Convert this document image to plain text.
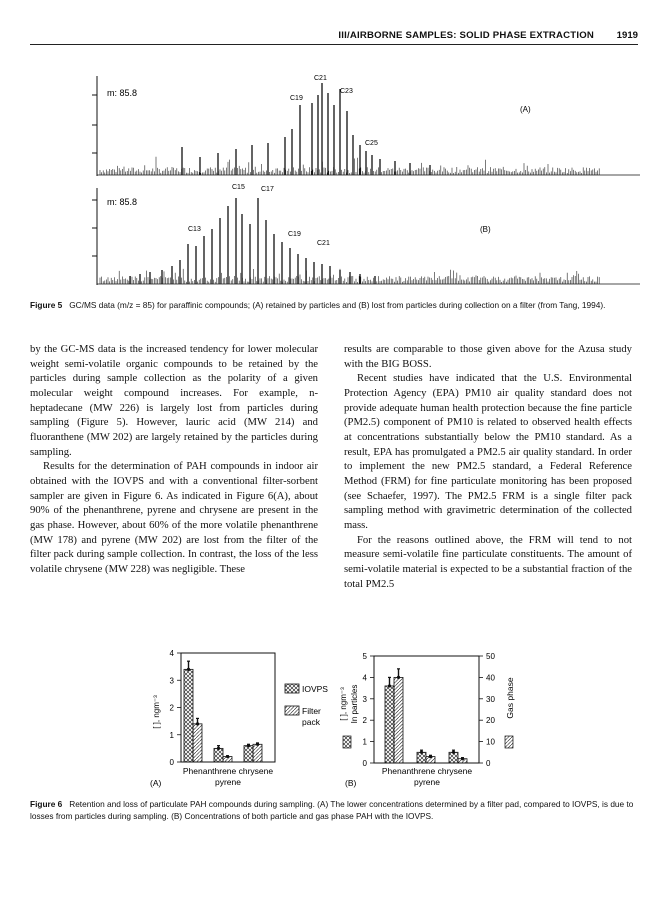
III/AIRBORNE SAMPLES: SOLID PHASE EXTRACTION 1919
m: 85.8
(A)
C21
C19
C23
C25
m: 85.8
(B)
C15 C17
C13
C19
C21
Figure 5 GC/MS data (m/z = 85) for paraffinic compounds; (A) retained by particles and (B) lost from particles during collection on a filter (from Tang, 1994).

by the GC-MS data is the increased tendency for lower molecular weight semi-volatile organic compounds to be retained by the particles during sample collection as the polarity of a given molecular weight compound increases. For example, n-heptadecane (MW 226) is largely lost from particles during sampling (Figure 5). However, lauric acid (MW 214) and fluoranthene (MW 202) are largely retained by the particles during sampling.

Results for the determination of PAH compounds in indoor air obtained with the IOVPS and with a conventional filter-sorbent sampler are given in Figure 6. As indicated in Figure 6(A), about 90% of the phenanthrene, pyrene and chrysene are present in the gas phase. However, about 60% of the more volatile phenanthrene (MW 178) and pyrene (MW 202) are lost from the filter of the filter pack during sample collection. In contrast, the loss of the less volatile chrysene (MW 228) was negligible. These

results are comparable to those given above for the Azusa study with the BIG BOSS.

Recent studies have indicated that the U.S. Environmental Protection Agency (EPA) PM10 air quality standard does not provide adequate human health protection because the fine particle (PM2.5) component of PM10 is related to observed health effects at concentrations substantially below the PM10 standard. As a result, EPA has promulgated a PM2.5 air quality standard. In order to implement the new PM2.5 standard, a Federal Reference Method (FRM) for fine particulate monitoring has been proposed (see Schaefer, 1997). The PM2.5 FRM is a single filter pack sampling method with gravimetric determination of the collected mass.

For the reasons outlined above, the FRM will tend to not measure semi-volatile fine particulate constituents. The amount of semi-volatile material is expected to be a substantial fraction of the total PM2.5

0
1
2
3
4
[ ], ngm⁻³
Phenanthrene chrysene
pyrene
(A)
IOVPS
Filter
pack
0
1
2
3
4
5
0
10
20
30
40
50
[ ], ngm⁻³ In particles	Gas phase
Phenanthrene chrysene
pyrene
(B)
Figure 6 Retention and loss of particulate PAH compounds during sampling. (A) The lower concentrations determined by a filter pad, compared to IOVPS, is due to losses from particles during sampling. (B) Concentrations of both particle and gas phase PAH with the IOVPS.
